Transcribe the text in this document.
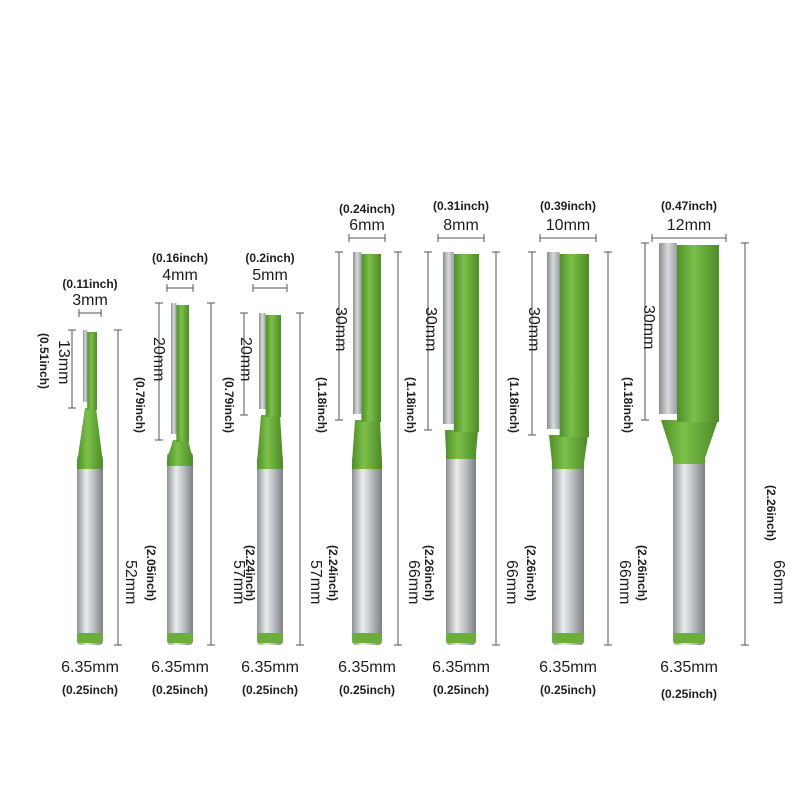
(0.11inch)
3mm
13mm
(0.51inch)
52mm (2.05inch)
6.35mm
(0.25inch)
(0.16inch)
4mm
20mm
(0.79inch)
57mm
(2.24inch)
6.35mm
(0.25inch)
(0.2inch)
5mm
20mm
(0.79inch)
57mm (2.24inch)
6.35mm
(0.25inch)
(0.24inch)
6mm
30mm
(1.18inch)
66mm (2.26inch)
6.35mm
(0.25inch)
(0.31inch)
8mm
30mm
(1.18inch)
66mm (2.26inch)
6.35mm
(0.25inch)
(0.39inch)
10mm
30mm
(1.18inch)
66mm (2.26inch)
6.35mm
(0.25inch)
(0.47inch)
12mm
30mm
(1.18inch)
66mm
(2.26inch)
6.35mm
(0.25inch)
